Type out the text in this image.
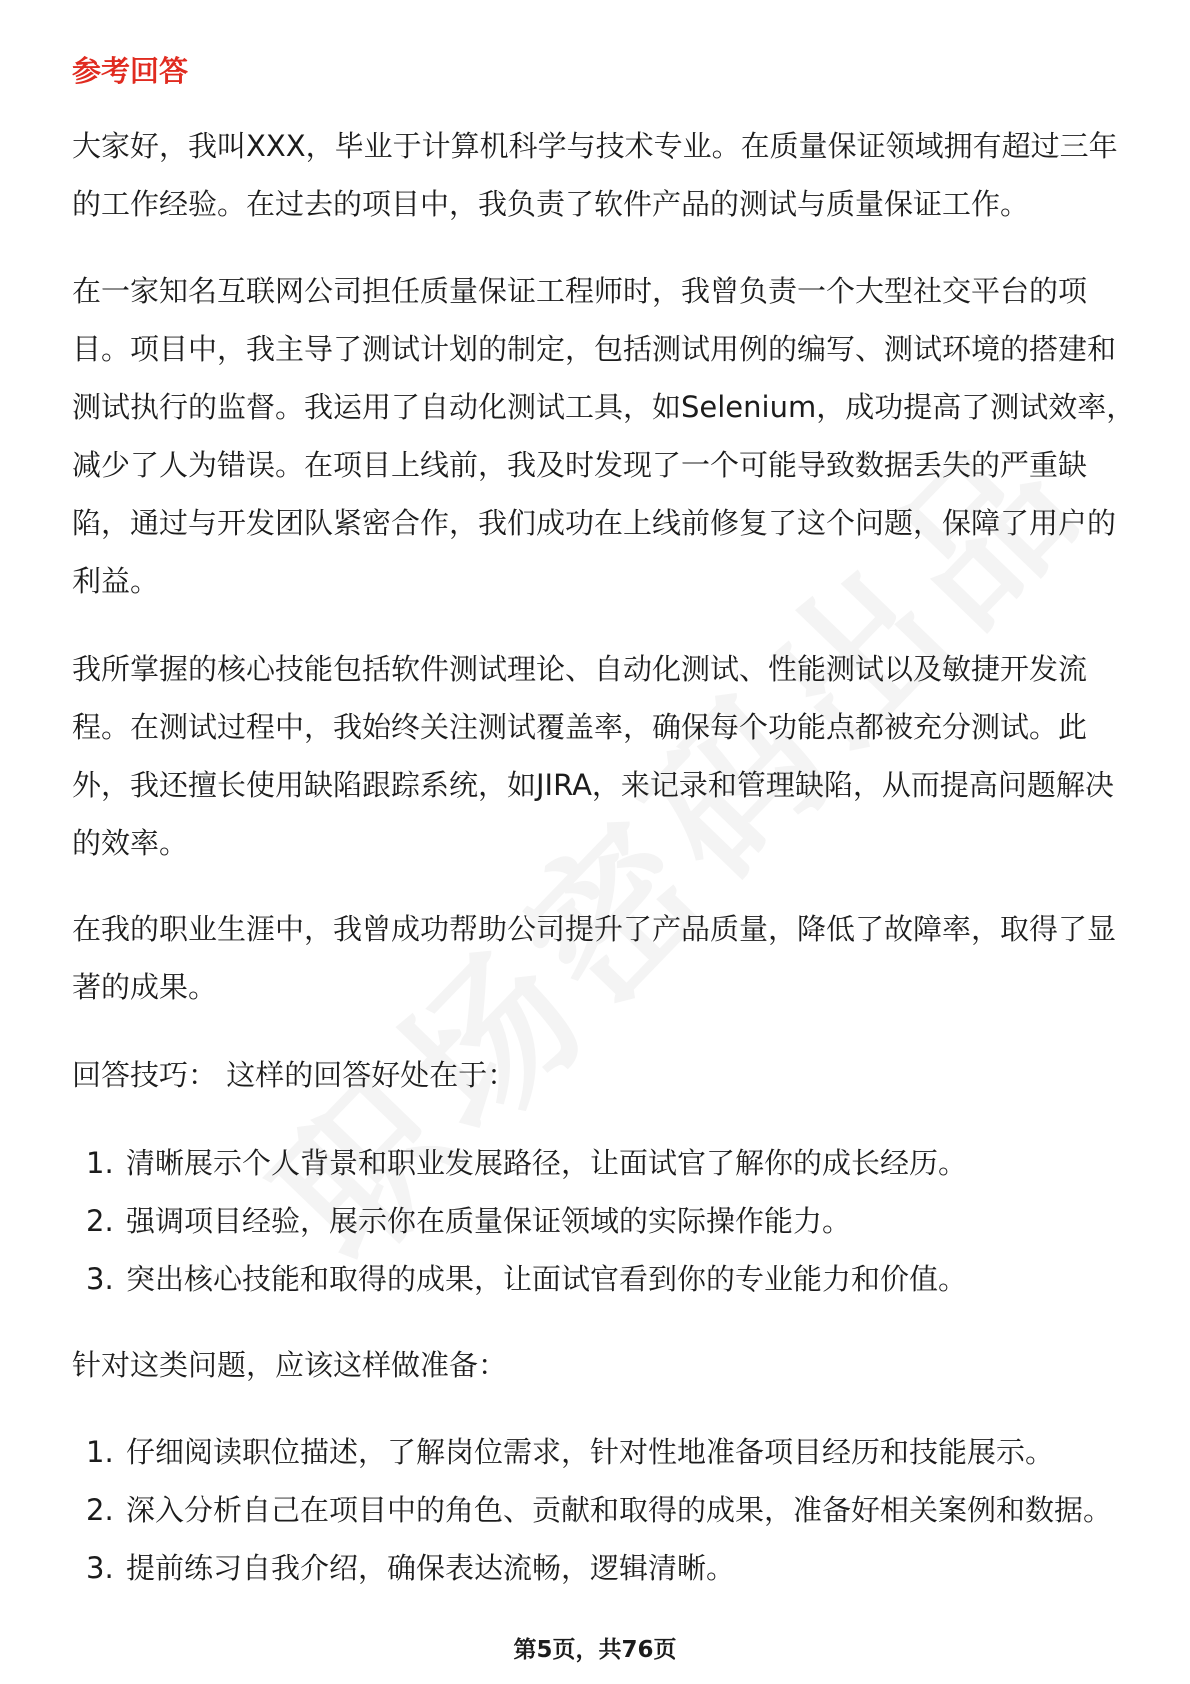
参考回答
大家好，我叫XXX，毕业于计算机科学与技术专业。在质量保证领域拥有超过三年
的工作经验。在过去的项目中，我负责了软件产品的测试与质量保证工作。
在一家知名互联网公司担任质量保证工程师时，我曾负责一个大型社交平台的项
目。项目中，我主导了测试计划的制定，包括测试用例的编写、测试环境的搭建和
测试执行的监督。我运用了自动化测试工具，如Selenium，成功提高了测试效率，
减少了人为错误。在项目上线前，我及时发现了一个可能导致数据丢失的严重缺
陷，通过与开发团队紧密合作，我们成功在上线前修复了这个问题，保障了用户的
利益。
我所掌握的核心技能包括软件测试理论、自动化测试、性能测试以及敏捷开发流
程。在测试过程中，我始终关注测试覆盖率，确保每个功能点都被充分测试。此
外，我还擅长使用缺陷跟踪系统，如JIRA，来记录和管理缺陷，从而提高问题解决
的效率。
在我的职业生涯中，我曾成功帮助公司提升了产品质量，降低了故障率，取得了显
著的成果。
回答技巧： 这样的回答好处在于：
1. 清晰展示个人背景和职业发展路径，让面试官了解你的成长经历。
2. 强调项目经验，展示你在质量保证领域的实际操作能力。
3. 突出核心技能和取得的成果，让面试官看到你的专业能力和价值。
针对这类问题，应该这样做准备：
1. 仔细阅读职位描述，了解岗位需求，针对性地准备项目经历和技能展示。
2. 深入分析自己在项目中的角色、贡献和取得的成果，准备好相关案例和数据。
3. 提前练习自我介绍，确保表达流畅，逻辑清晰。
第5页，共76页
